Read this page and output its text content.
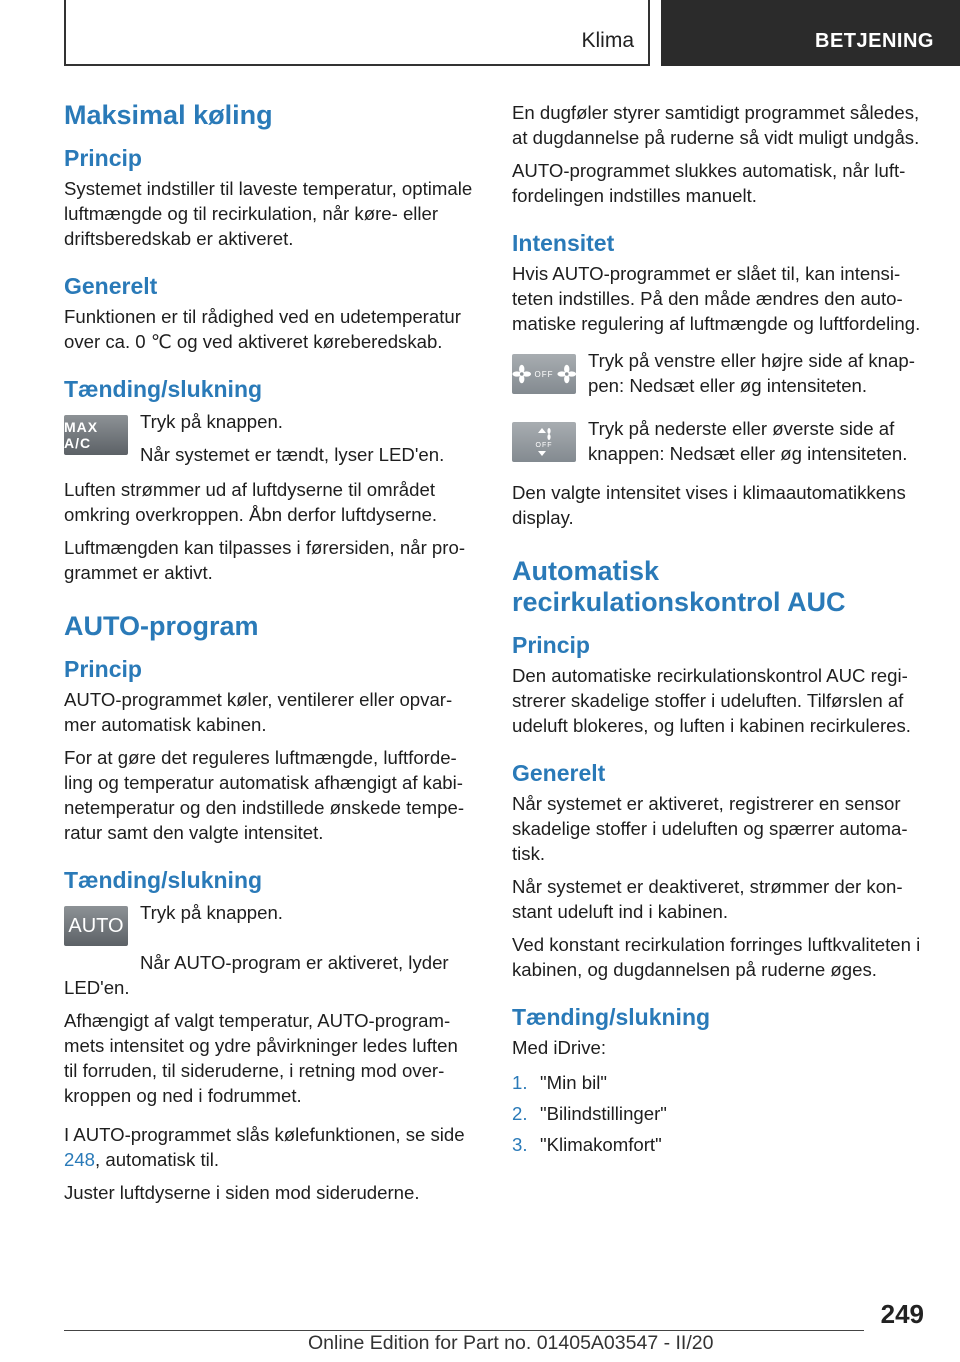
Klima	BETJENING
Maksimal køling
Princip
Systemet indstiller til laveste temperatur, optimale luftmængde og til recirkulation, når køre- eller driftsberedskab er aktiveret.
Generelt
Funktionen er til rådighed ved en udetemperatur over ca. 0 ℃ og ved aktiveret køreberedskab.
Tænding/slukning
MAX A/C
Tryk på knappen.
Når systemet er tændt, lyser LED'en.
Luften strømmer ud af luftdyserne til området omkring overkroppen. Åbn derfor luftdyserne.
Luftmængden kan tilpasses i førersiden, når programmet er aktivt.
AUTO-program
Princip
AUTO-programmet køler, ventilerer eller opvarmer automatisk kabinen.
For at gøre det reguleres luftmængde, luftfordeling og temperatur automatisk afhængigt af kabinetemperatur og den indstillede ønskede temperatur samt den valgte intensitet.
Tænding/slukning
AUTO
Tryk på knappen.
Når AUTO-program er aktiveret, lyder LED'en.
Afhængigt af valgt temperatur, AUTO-programmets intensitet og ydre påvirkninger ledes luften til forruden, til sideruderne, i retning mod overkroppen og ned i fodrummet.
I AUTO-programmet slås kølefunktionen, se side 248, automatisk til.
Juster luftdyserne i siden mod sideruderne.
En dugføler styrer samtidigt programmet således, at dugdannelse på ruderne så vidt muligt undgås.
AUTO-programmet slukkes automatisk, når luftfordelingen indstilles manuelt.
Intensitet
Hvis AUTO-programmet er slået til, kan intensiteten indstilles. På den måde ændres den automatiske regulering af luftmængde og luftfordeling.
OFF
Tryk på venstre eller højre side af knappen: Nedsæt eller øg intensiteten.
OFF
Tryk på nederste eller øverste side af knappen: Nedsæt eller øg intensiteten.
Den valgte intensitet vises i klimaautomatikkens display.
Automatisk recirkulationskontrol AUC
Princip
Den automatiske recirkulationskontrol AUC registrerer skadelige stoffer i udeluften. Tilførslen af udeluft blokeres, og luften i kabinen recirkuleres.
Generelt
Når systemet er aktiveret, registrerer en sensor skadelige stoffer i udeluften og spærrer automatisk.
Når systemet er deaktiveret, strømmer der konstant udeluft ind i kabinen.
Ved konstant recirkulation forringes luftkvaliteten i kabinen, og dugdannelsen på ruderne øges.
Tænding/slukning
Med iDrive:
1. "Min bil"
2. "Bilindstillinger"
3. "Klimakomfort"
249
Online Edition for Part no. 01405A03547 - II/20
